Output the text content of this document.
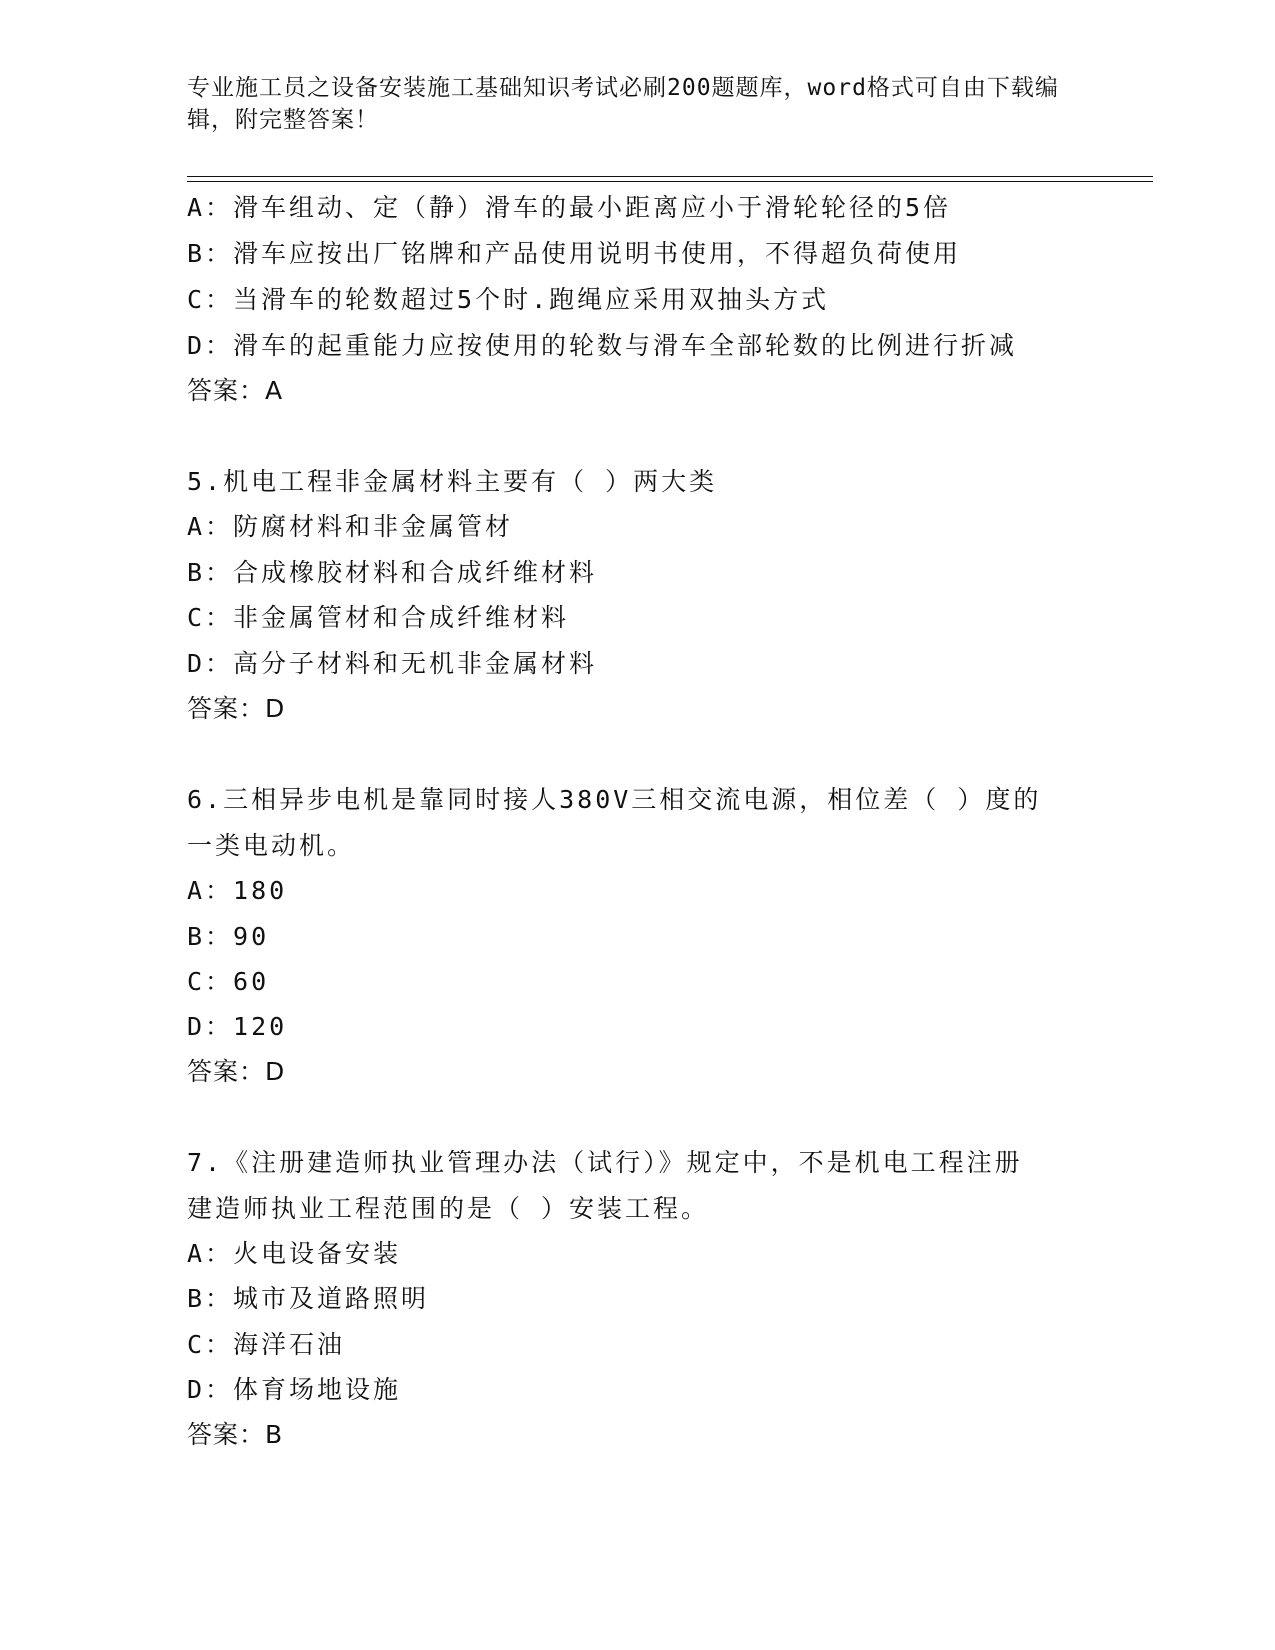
专业施工员之设备安装施工基础知识考试必刷200题题库，word格式可自由下载编辑，附完整答案！
A：滑车组动、定（静）滑车的最小距离应小于滑轮轮径的5倍
B：滑车应按出厂铭牌和产品使用说明书使用，不得超负荷使用
C：当滑车的轮数超过5个时.跑绳应采用双抽头方式
D：滑车的起重能力应按使用的轮数与滑车全部轮数的比例进行折减
答案：A
5.机电工程非金属材料主要有（ ）两大类
A：防腐材料和非金属管材
B：合成橡胶材料和合成纤维材料
C：非金属管材和合成纤维材料
D：高分子材料和无机非金属材料
答案：D
6.三相异步电机是靠同时接人380V三相交流电源，相位差（ ）度的
一类电动机。
A：180
B：90
C：60
D：120
答案：D
7.《注册建造师执业管理办法（试行）》规定中，不是机电工程注册
建造师执业工程范围的是（ ）安装工程。
A：火电设备安装
B：城市及道路照明
C：海洋石油
D：体育场地设施
答案：B
